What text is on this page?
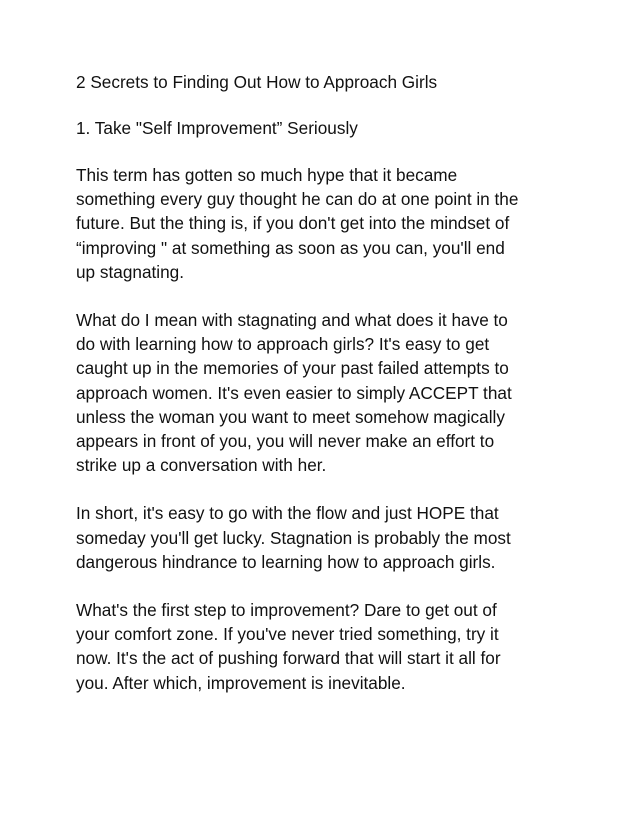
2 Secrets to Finding Out How to Approach Girls
1. Take "Self Improvement” Seriously
This term has gotten so much hype that it became
something every guy thought he can do at one point in the
future. But the thing is, if you don't get into the mindset of
“improving " at something as soon as you can, you'll end
up stagnating.
What do I mean with stagnating and what does it have to
do with learning how to approach girls? It's easy to get
caught up in the memories of your past failed attempts to
approach women. It's even easier to simply ACCEPT that
unless the woman you want to meet somehow magically
appears in front of you, you will never make an effort to
strike up a conversation with her.
In short, it's easy to go with the flow and just HOPE that
someday you'll get lucky. Stagnation is probably the most
dangerous hindrance to learning how to approach girls.
What's the first step to improvement? Dare to get out of
your comfort zone. If you've never tried something, try it
now. It's the act of pushing forward that will start it all for
you. After which, improvement is inevitable.
